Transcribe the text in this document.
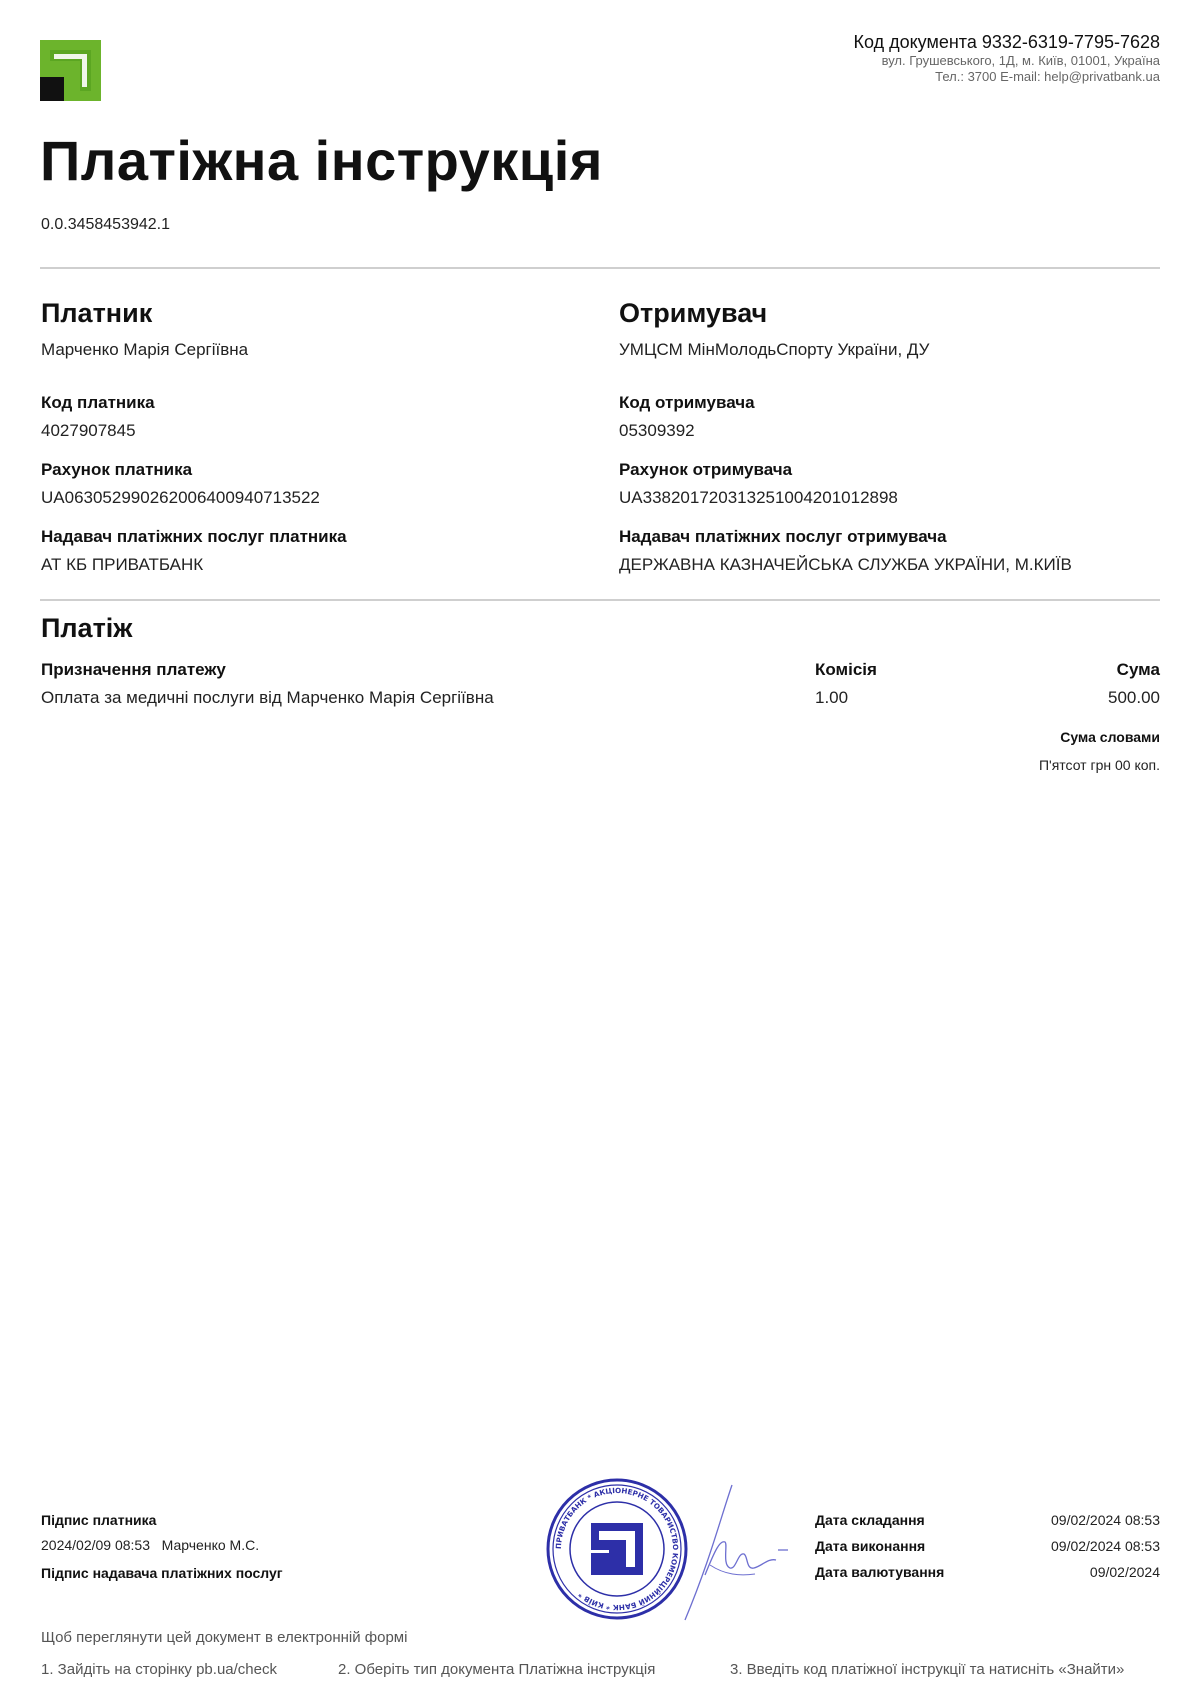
Код документа 9332-6319-7795-7628
вул. Грушевського, 1Д, м. Київ, 01001, Україна
Тел.: 3700 E-mail: help@privatbank.ua
Платіжна інструкція
0.0.3458453942.1
Платник
Марченко Марія Сергіївна
Код платника
4027907845
Рахунок платника
UA063052990262006400940713522
Надавач платіжних послуг платника
АТ КБ ПРИВАТБАНК
Отримувач
УМЦСМ МінМолодьСпорту України, ДУ
Код отримувача
05309392
Рахунок отримувача
UA338201720313251004201012898
Надавач платіжних послуг отримувача
ДЕРЖАВНА КАЗНАЧЕЙСЬКА СЛУЖБА УКРАЇНИ, М.КИЇВ
Платіж
Призначення платежу
Оплата за медичні послуги від Марченко Марія Сергіївна
Комісія
1.00
Сума
500.00
Сума словами
П'ятсот грн 00 коп.
Підпис платника
2024/02/09 08:53 Марченко М.С.
Підпис надавача платіжних послуг
ПРИВАТБАНК * АКЦІОНЕРНЕ ТОВАРИСТВО КОМЕРЦІЙНИЙ БАНК * КИЇВ *
Дата складання	09/02/2024 08:53
Дата виконання	09/02/2024 08:53
Дата валютування	09/02/2024
Щоб переглянути цей документ в електронній формі
1. Зайдіть на сторінку pb.ua/check	2. Оберіть тип документа Платіжна інструкція	3. Введіть код платіжної інструкції та натисніть «Знайти»
